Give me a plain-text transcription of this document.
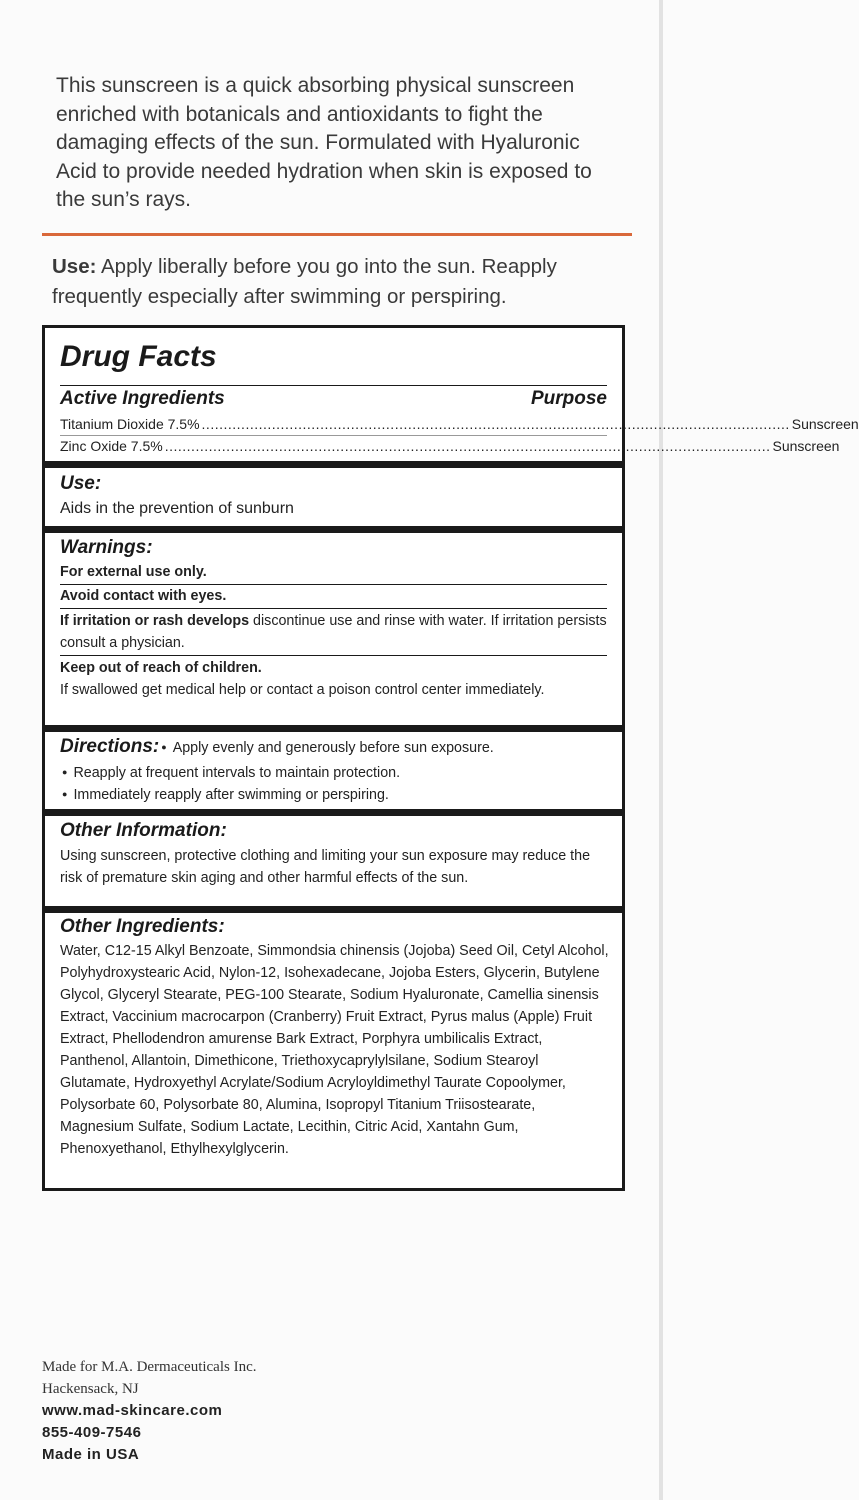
This sunscreen is a quick absorbing physical sunscreen enriched with botanicals and antioxidants to fight the damaging effects of the sun. Formulated with Hyaluronic Acid to provide needed hydration when skin is exposed to the sun’s rays.
Use: Apply liberally before you go into the sun. Reapply frequently especially after swimming or perspiring.
Drug Facts
Active Ingredients	Purpose
Titanium Dioxide 7.5% ...................................................................................................................................... Sunscreen
Zinc Oxide 7.5% .......................................................................................................................................... Sunscreen
Use:
Aids in the prevention of sunburn
Warnings:
For external use only.
Avoid contact with eyes.
If irritation or rash develops discontinue use and rinse with water. If irritation persists consult a physician.
Keep out of reach of children.
If swallowed get medical help or contact a poison control center immediately.
Directions:
● Apply evenly and generously before sun exposure.
● Reapply at frequent intervals to maintain protection.
● Immediately reapply after swimming or perspiring.
Other Information:
Using sunscreen, protective clothing and limiting your sun exposure may reduce the risk of premature skin aging and other harmful effects of the sun.
Other Ingredients:
Water, C12-15 Alkyl Benzoate, Simmondsia chinensis (Jojoba) Seed Oil, Cetyl Alcohol, Polyhydroxystearic Acid, Nylon-12, Isohexadecane, Jojoba Esters, Glycerin, Butylene Glycol, Glyceryl Stearate, PEG-100 Stearate, Sodium Hyaluronate, Camellia sinensis Extract, Vaccinium macrocarpon (Cranberry) Fruit Extract, Pyrus malus (Apple) Fruit Extract, Phellodendron amurense Bark Extract, Porphyra umbilicalis Extract, Panthenol, Allantoin, Dimethicone, Triethoxycaprylylsilane, Sodium Stearoyl Glutamate, Hydroxyethyl Acrylate/Sodium Acryloyldimethyl Taurate Copoolymer, Polysorbate 60, Polysorbate 80, Alumina, Isopropyl Titanium Triisostearate, Magnesium Sulfate, Sodium Lactate, Lecithin, Citric Acid, Xantahn Gum, Phenoxyethanol, Ethylhexylglycerin.
Made for M.A. Dermaceuticals Inc.
Hackensack, NJ
www.mad-skincare.com
855-409-7546
Made in USA
